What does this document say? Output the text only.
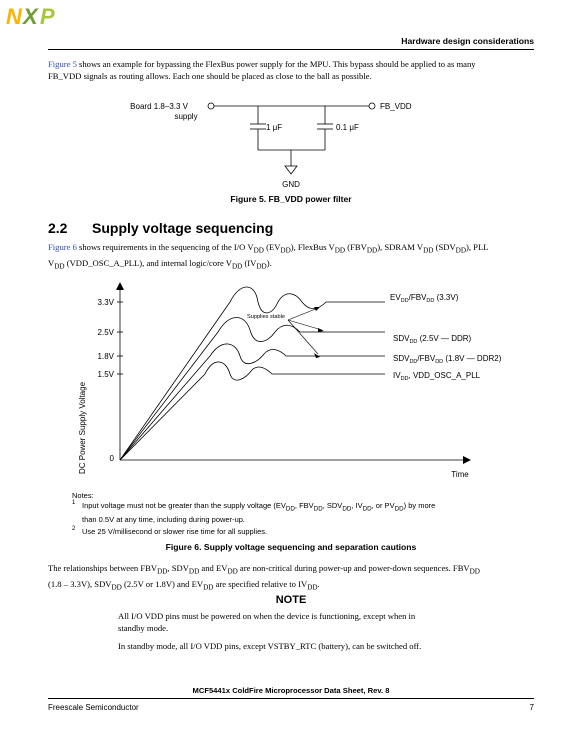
N X P
Hardware design considerations
Figure 5 shows an example for bypassing the FlexBus power supply for the MPU. This bypass should be applied to as many
FB_VDD signals as routing allows. Each one should be placed as close to the ball as possible.
Board 1.8–3.3 V
supply
FB_VDD
1 μF	0.1 μF
GND
Figure 5. FB_VDD power filter
2.2 Supply voltage sequencing
Figure 6 shows requirements in the sequencing of the I/O $V_{DD}$ $(EV_{DD})$, FlexBus $V_{DD}$ $(FBV_{DD})$, SDRAM $V_{DD}$ $(SDV_{DD})$, PLL
$V_{DD}$ (VDD_OSC_A_PLL), and internal logic/core $V_{DD}$ $(IV_{DD})$.
DC Power Supply Voltage
Time
3.3V
2.5V
1.8V
1.5V
0
Supplies stable
$EV_{DD}/FBV_{DD}$ (3.3V)
$SDV_{DD}$ (2.5V — DDR)
$SDV_{DD}/FBV_{DD}$ (1.8V — DDR2)
$IV_{DD}$, VDD_OSC_A_PLL
Notes:
1 Input voltage must not be greater than the supply voltage ($EV_{DD}$, $FBV_{DD}$, $SDV_{DD}$, $IV_{DD}$, or $PV_{DD}$) by more
than 0.5V at any time, including during power-up.
2 Use 25 V/millisecond or slower rise time for all supplies.
Figure 6. Supply voltage sequencing and separation cautions
The relationships between $FBV_{DD}$, $SDV_{DD}$ and $EV_{DD}$ are non-critical during power-up and power-down sequences. $FBV_{DD}$
(1.8 – 3.3V), $SDV_{DD}$ (2.5V or 1.8V) and $EV_{DD}$ are specified relative to $IV_{DD}$.
NOTE
All I/O VDD pins must be powered on when the device is functioning, except when in
standby mode.
In standby mode, all I/O VDD pins, except VSTBY_RTC (battery), can be switched off.
MCF5441x ColdFire Microprocessor Data Sheet, Rev. 8
Freescale Semiconductor	7
